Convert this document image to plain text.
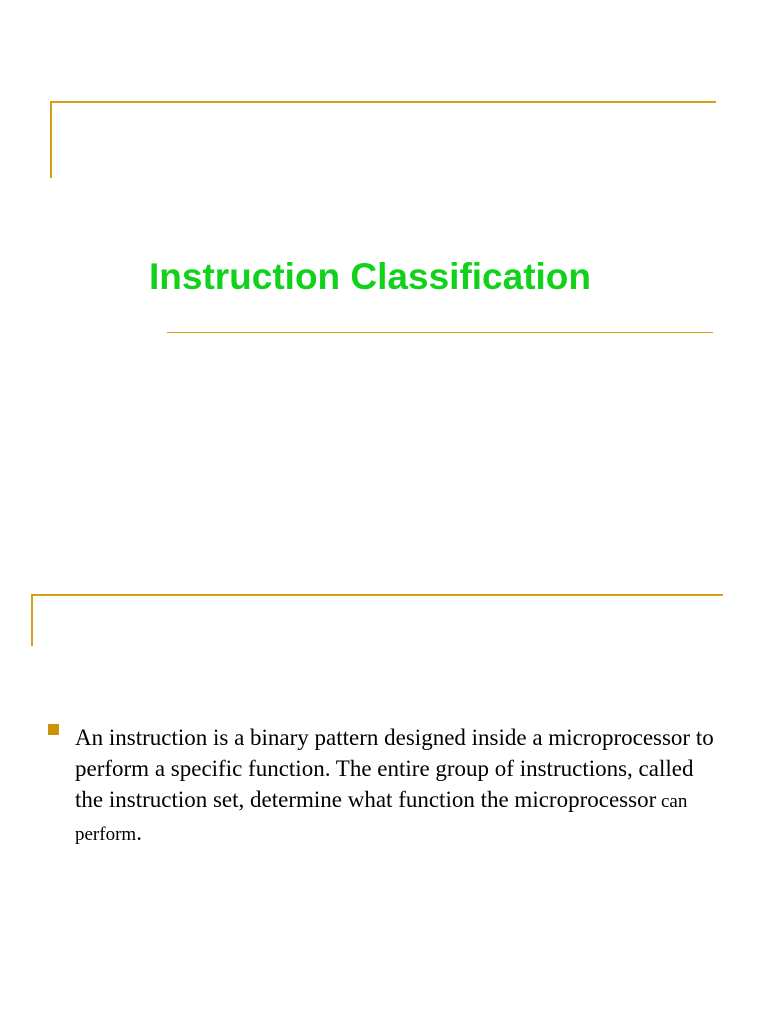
Instruction Classification

An instruction is a binary pattern designed inside a microprocessor to perform a specific function. The entire group of instructions, called the instruction set, determine what function the microprocessor can perform.
